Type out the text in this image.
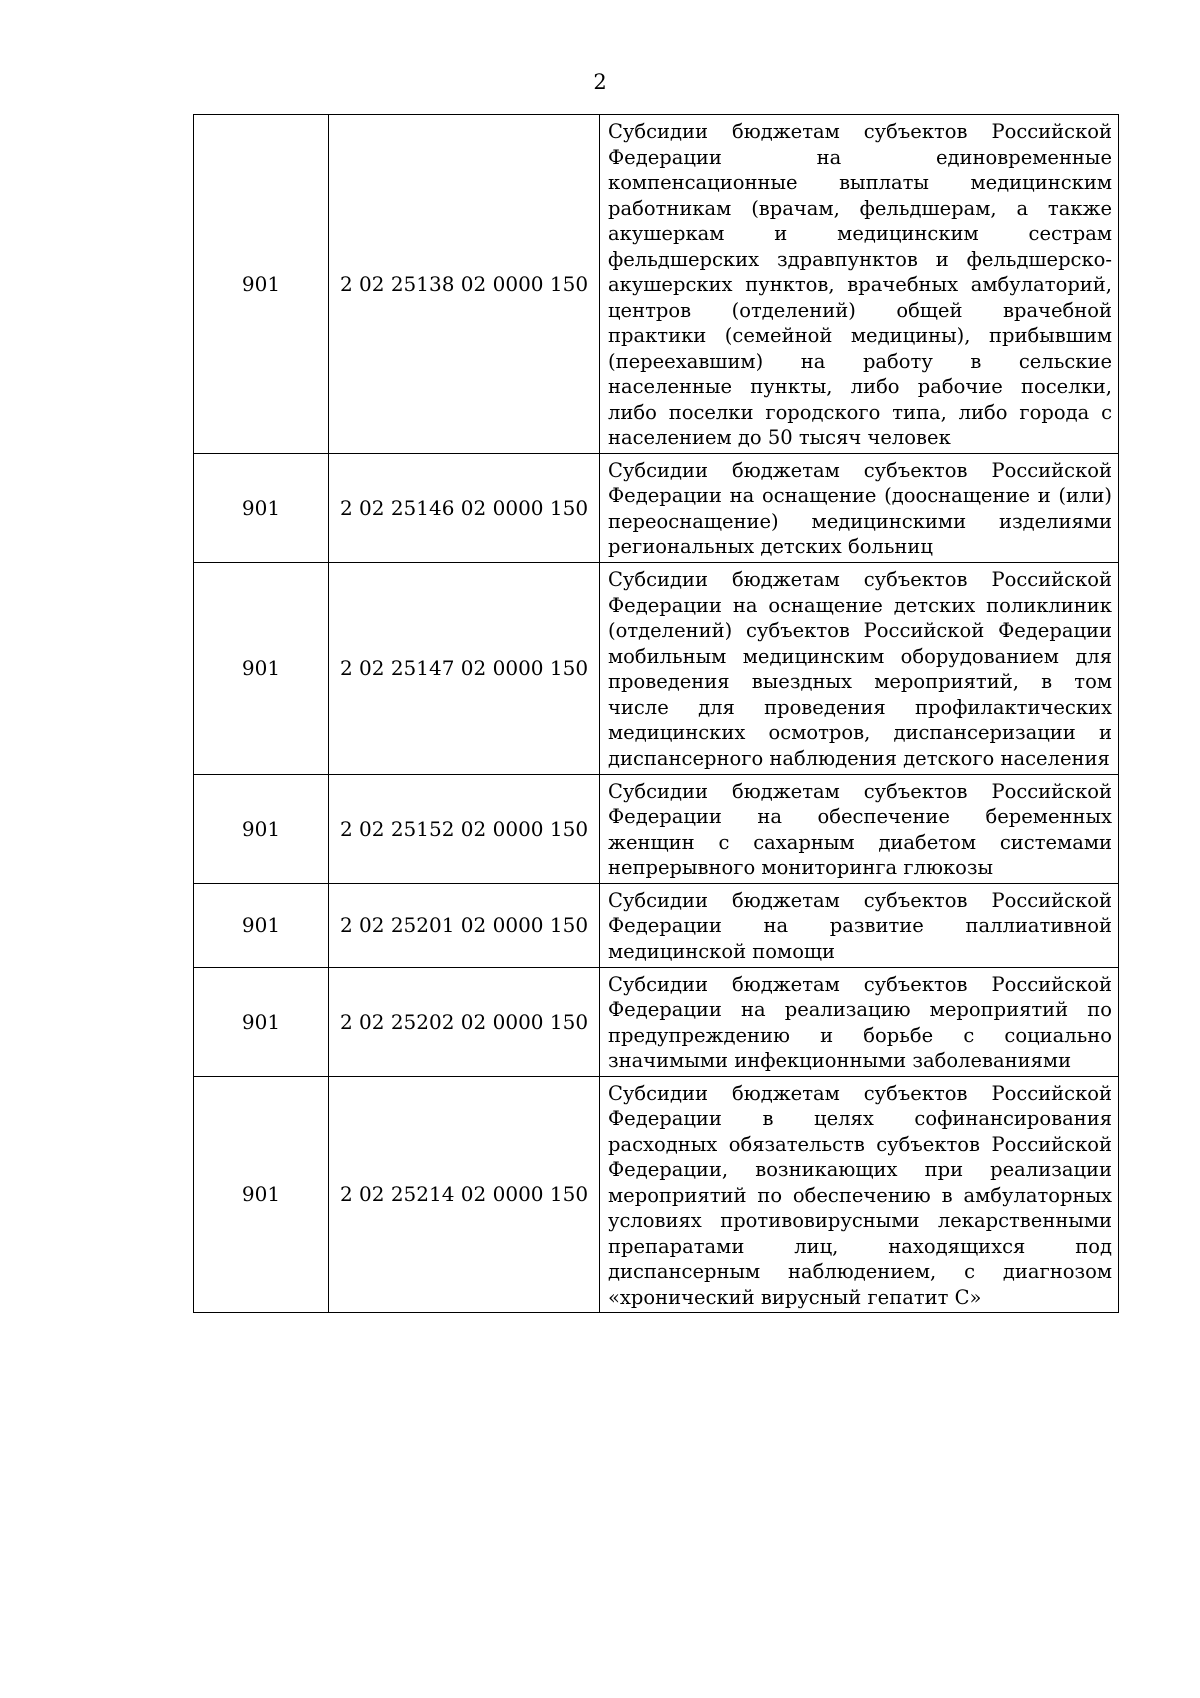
2
901	2 02 25138 02 0000 150	Субсидии бюджетам субъектов Российской Федерации на единовременные компенсационные выплаты медицинским работникам (врачам, фельдшерам, а также акушеркам и медицинским сестрам фельдшерских здравпунктов и фельдшерско-акушерских пунктов, врачебных амбулаторий, центров (отделений) общей врачебной практики (семейной медицины), прибывшим (переехавшим) на работу в сельские населенные пункты, либо рабочие поселки, либо поселки городского типа, либо города с населением до 50 тысяч человек
901	2 02 25146 02 0000 150	Субсидии бюджетам субъектов Российской Федерации на оснащение (дооснащение и (или) переоснащение) медицинскими изделиями региональных детских больниц
901	2 02 25147 02 0000 150	Субсидии бюджетам субъектов Российской Федерации на оснащение детских поликлиник (отделений) субъектов Российской Федерации мобильным медицинским оборудованием для проведения выездных мероприятий, в том числе для проведения профилактических медицинских осмотров, диспансеризации и диспансерного наблюдения детского населения
901	2 02 25152 02 0000 150	Субсидии бюджетам субъектов Российской Федерации на обеспечение беременных женщин с сахарным диабетом системами непрерывного мониторинга глюкозы
901	2 02 25201 02 0000 150	Субсидии бюджетам субъектов Российской Федерации на развитие паллиативной медицинской помощи
901	2 02 25202 02 0000 150	Субсидии бюджетам субъектов Российской Федерации на реализацию мероприятий по предупреждению и борьбе с социально значимыми инфекционными заболеваниями
901	2 02 25214 02 0000 150	Субсидии бюджетам субъектов Российской Федерации в целях софинансирования расходных обязательств субъектов Российской Федерации, возникающих при реализации мероприятий по обеспечению в амбулаторных условиях противовирусными лекарственными препаратами лиц, находящихся под диспансерным наблюдением, с диагнозом «хронический вирусный гепатит С»
